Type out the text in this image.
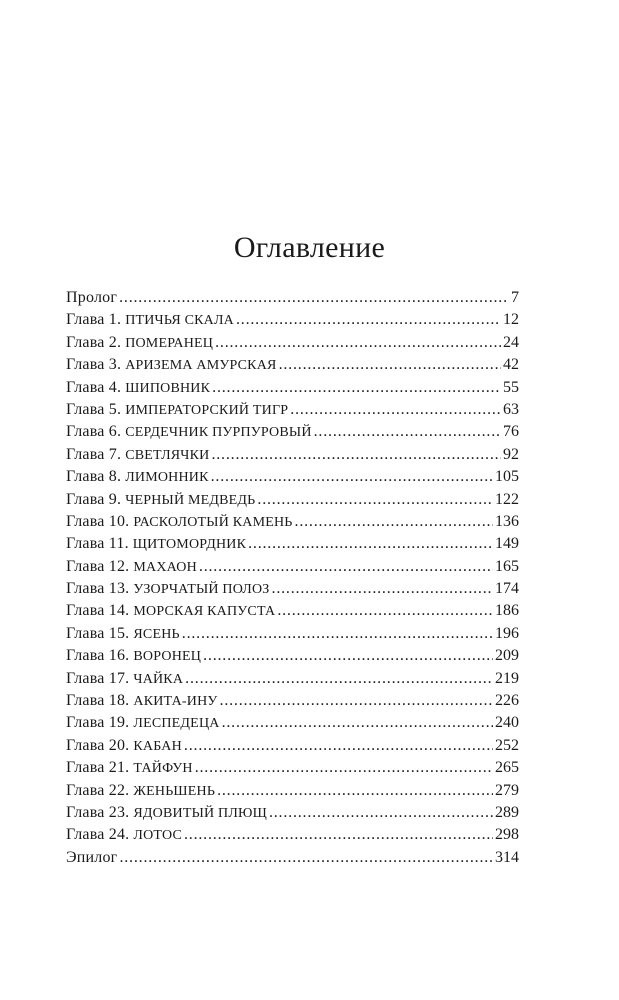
Оглавление
Пролог . . .	7
Глава 1. ПТИЧЬЯ СКАЛА . . .	12
Глава 2. ПОМЕРАНЕЦ . . .	24
Глава 3. АРИЗЕМА АМУРСКАЯ . . .	42
Глава 4. ШИПОВНИК . . .	55
Глава 5. ИМПЕРАТОРСКИЙ ТИГР . . .	63
Глава 6. СЕРДЕЧНИК ПУРПУРОВЫЙ . . .	76
Глава 7. СВЕТЛЯЧКИ . . .	92
Глава 8. ЛИМОННИК . . .	105
Глава 9. ЧЕРНЫЙ МЕДВЕДЬ . . .	122
Глава 10. РАСКОЛОТЫЙ КАМЕНЬ . . .	136
Глава 11. ЩИТОМОРДНИК . . .	149
Глава 12. МАХАОН . . .	165
Глава 13. УЗОРЧАТЫЙ ПОЛОЗ . . .	174
Глава 14. МОРСКАЯ КАПУСТА . . .	186
Глава 15. ЯСЕНЬ . . .	196
Глава 16. ВОРОНЕЦ . . .	209
Глава 17. ЧАЙКА . . .	219
Глава 18. АКИТА-ИНУ . . .	226
Глава 19. ЛЕСПЕДЕЦА . . .	240
Глава 20. КАБАН . . .	252
Глава 21. ТАЙФУН . . .	265
Глава 22. ЖЕНЬШЕНЬ . . .	279
Глава 23. ЯДОВИТЫЙ ПЛЮЩ . . .	289
Глава 24. ЛОТОС . . .	298
Эпилог . . .	314
